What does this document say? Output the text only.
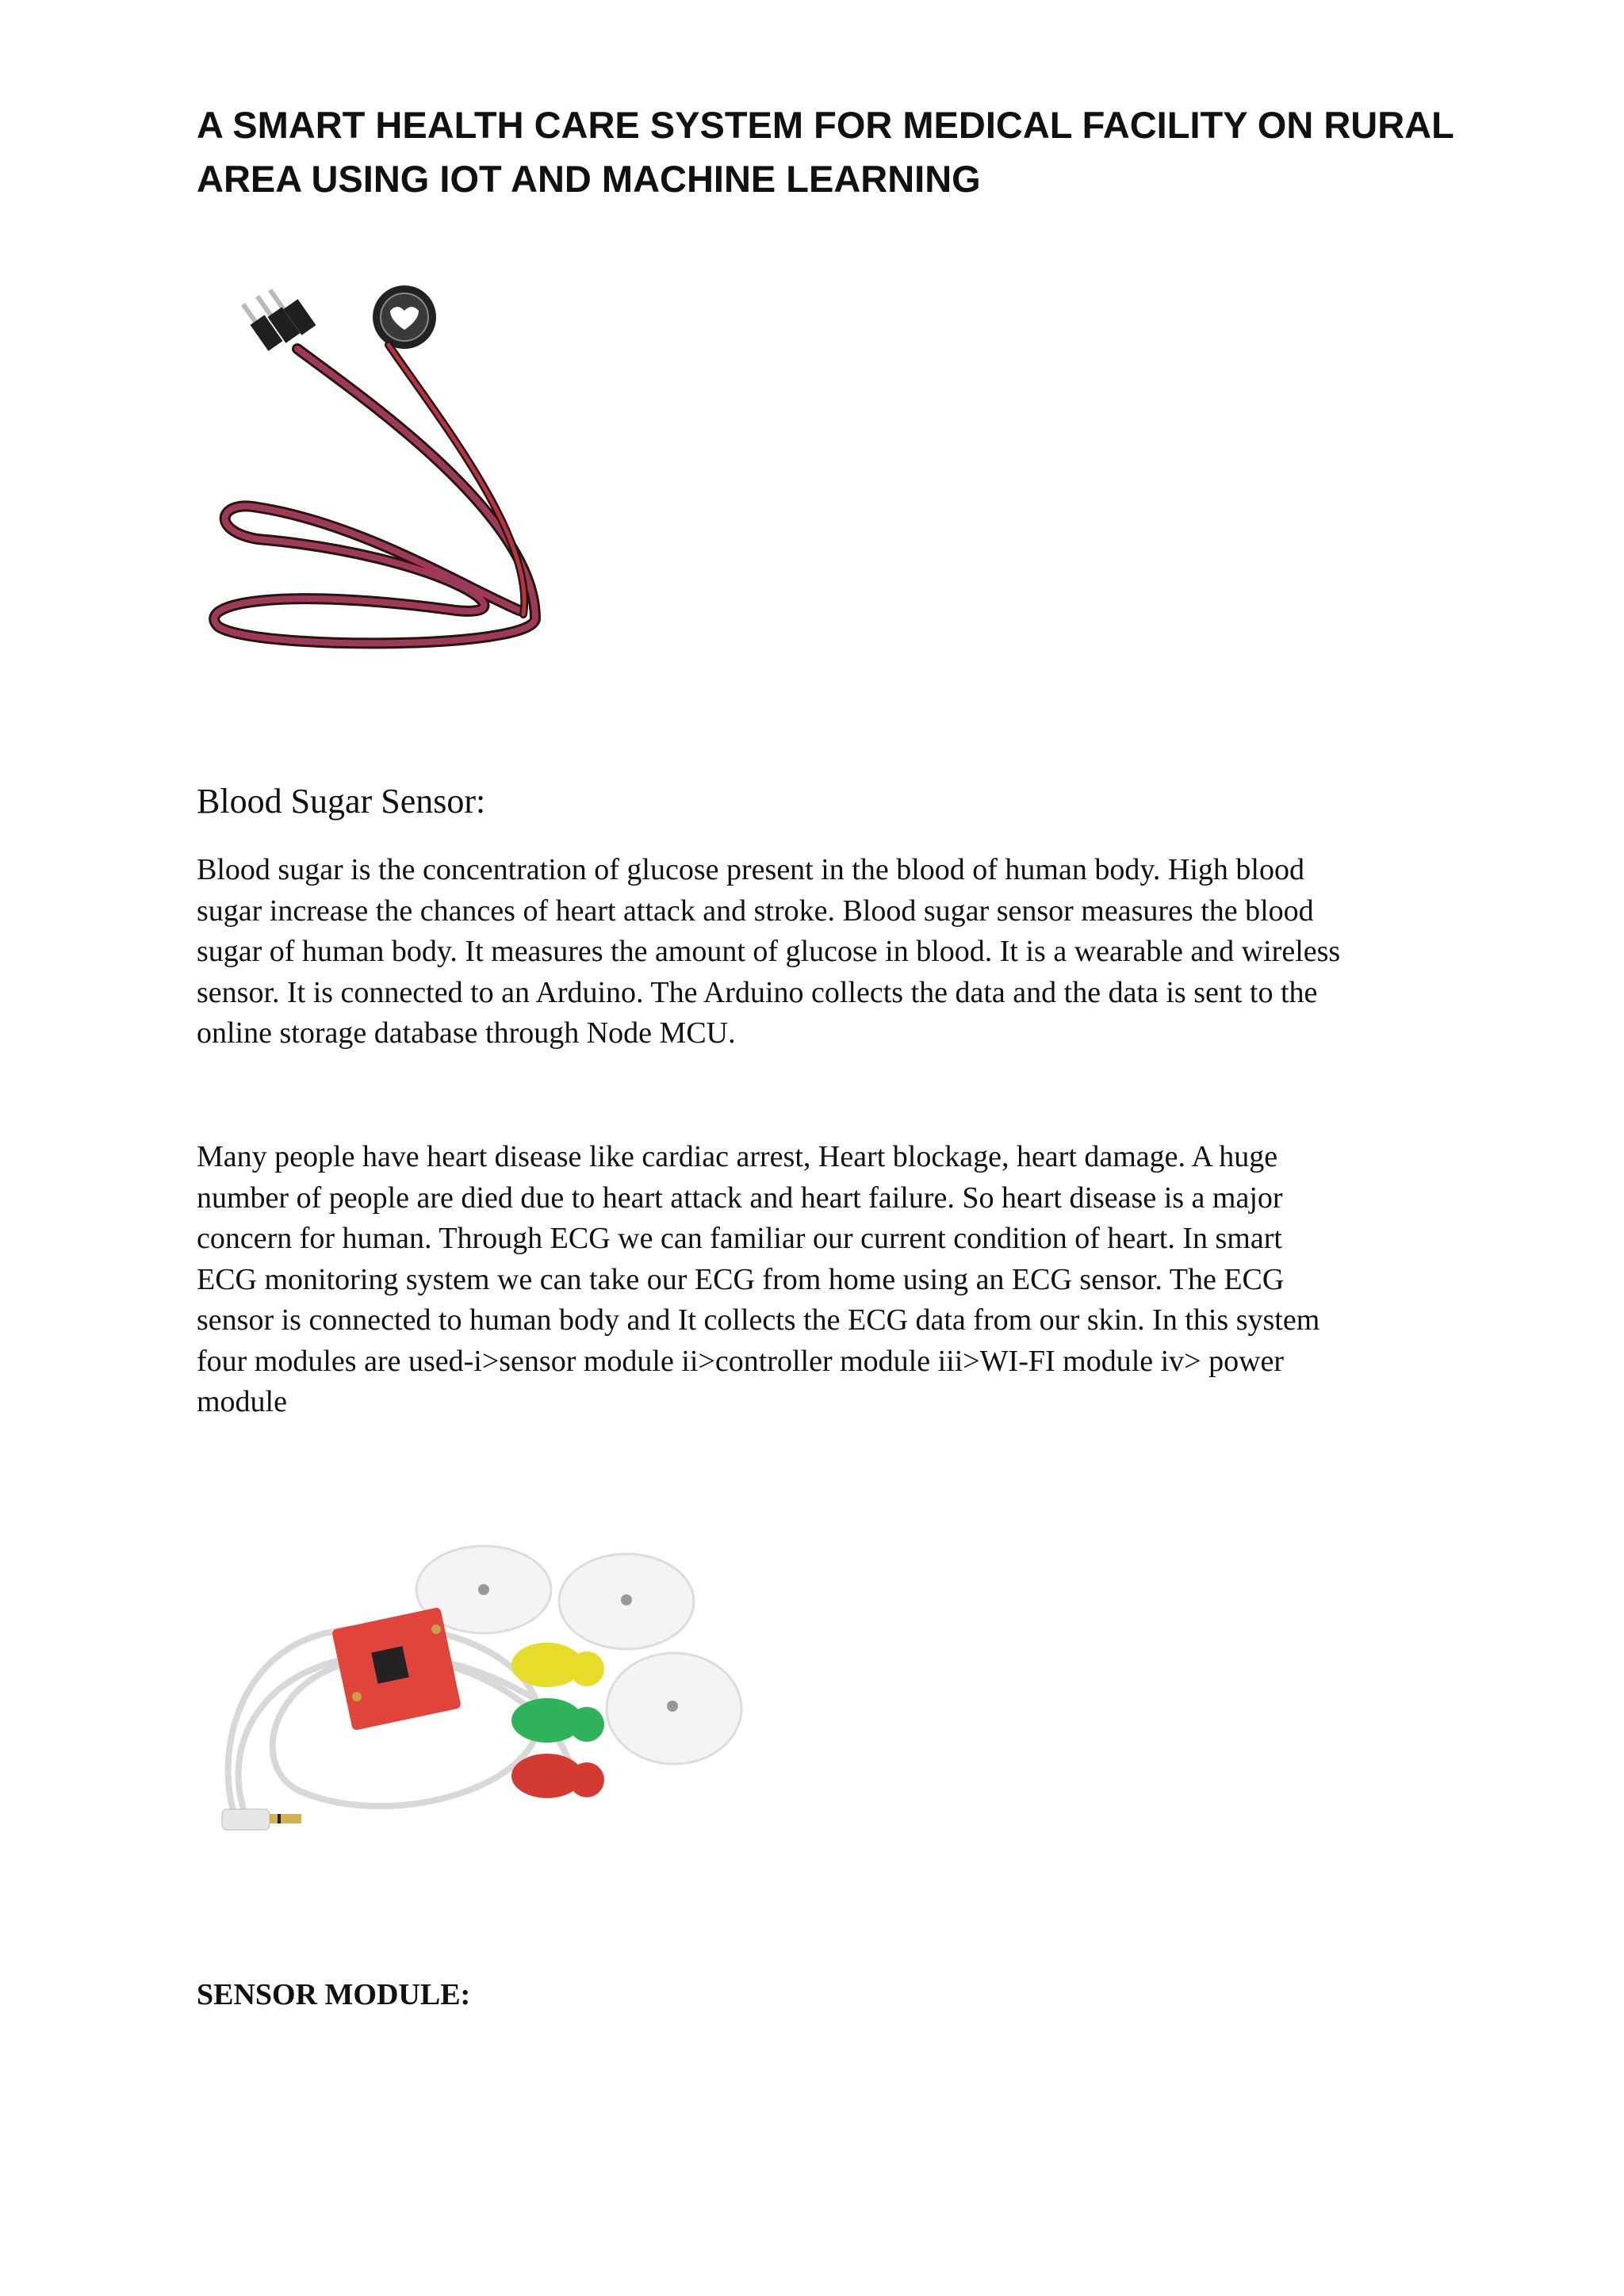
A SMART HEALTH CARE SYSTEM FOR MEDICAL FACILITY ON RURAL
AREA USING IOT AND MACHINE LEARNING
Blood Sugar Sensor:

Blood sugar is the concentration of glucose present in the blood of human body. High blood
sugar increase the chances of heart attack and stroke. Blood sugar sensor measures the blood
sugar of human body. It measures the amount of glucose in blood. It is a wearable and wireless
sensor. It is connected to an Arduino. The Arduino collects the data and the data is sent to the
online storage database through Node MCU.

Many people have heart disease like cardiac arrest, Heart blockage, heart damage. A huge
number of people are died due to heart attack and heart failure. So heart disease is a major
concern for human. Through ECG we can familiar our current condition of heart. In smart
ECG monitoring system we can take our ECG from home using an ECG sensor. The ECG
sensor is connected to human body and It collects the ECG data from our skin. In this system
four modules are used-i>sensor module ii>controller module iii>WI-FI module iv> power
module

SENSOR MODULE:
